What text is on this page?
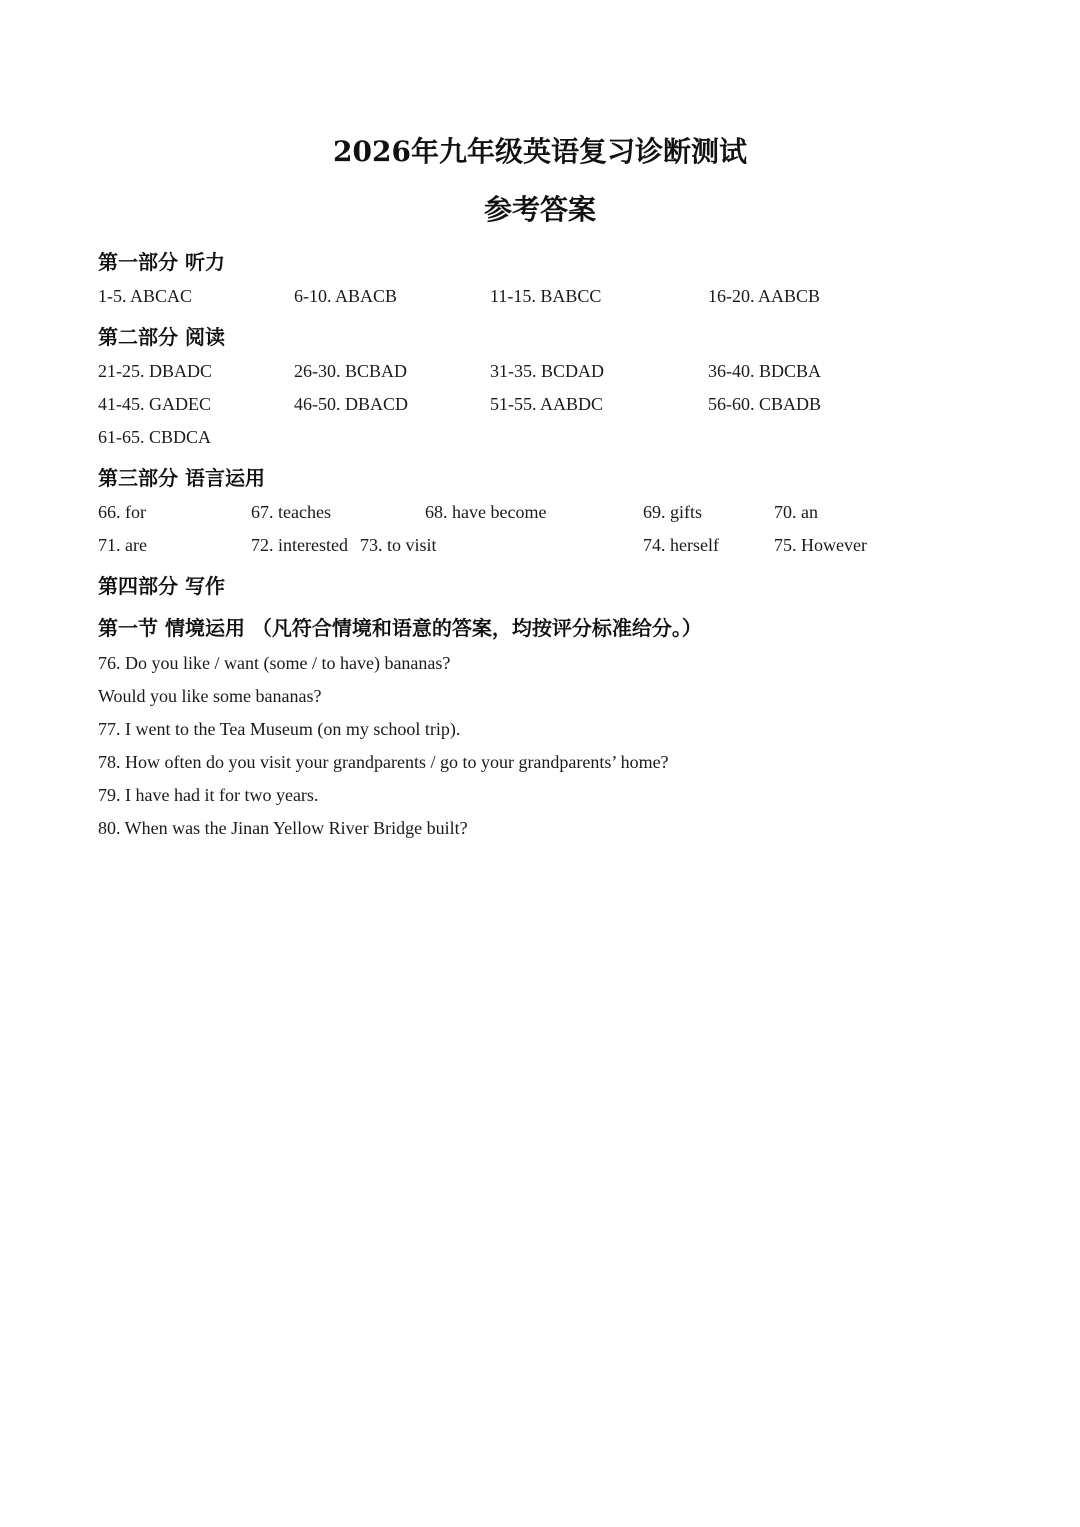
2026年九年级英语复习诊断测试
参考答案
第一部分 听力
1-5. ABCAC	6-10. ABACB	11-15. BABCC	16-20. AABCB
第二部分 阅读
21-25. DBADC	26-30. BCBAD	31-35. BCDAD	36-40. BDCBA
41-45. GADEC	46-50. DBACD	51-55. AABDC	56-60. CBADB
61-65. CBDCA
第三部分 语言运用
66. for	67. teaches	68. have become	69. gifts	70. an
71. are	72. interested 73. to visit	74. herself	75. However
第四部分 写作
第一节 情境运用 （凡符合情境和语意的答案，均按评分标准给分。）
76. Do you like / want (some / to have) bananas?
Would you like some bananas?
77. I went to the Tea Museum (on my school trip).
78. How often do you visit your grandparents / go to your grandparents’ home?
79. I have had it for two years.
80. When was the Jinan Yellow River Bridge built?
